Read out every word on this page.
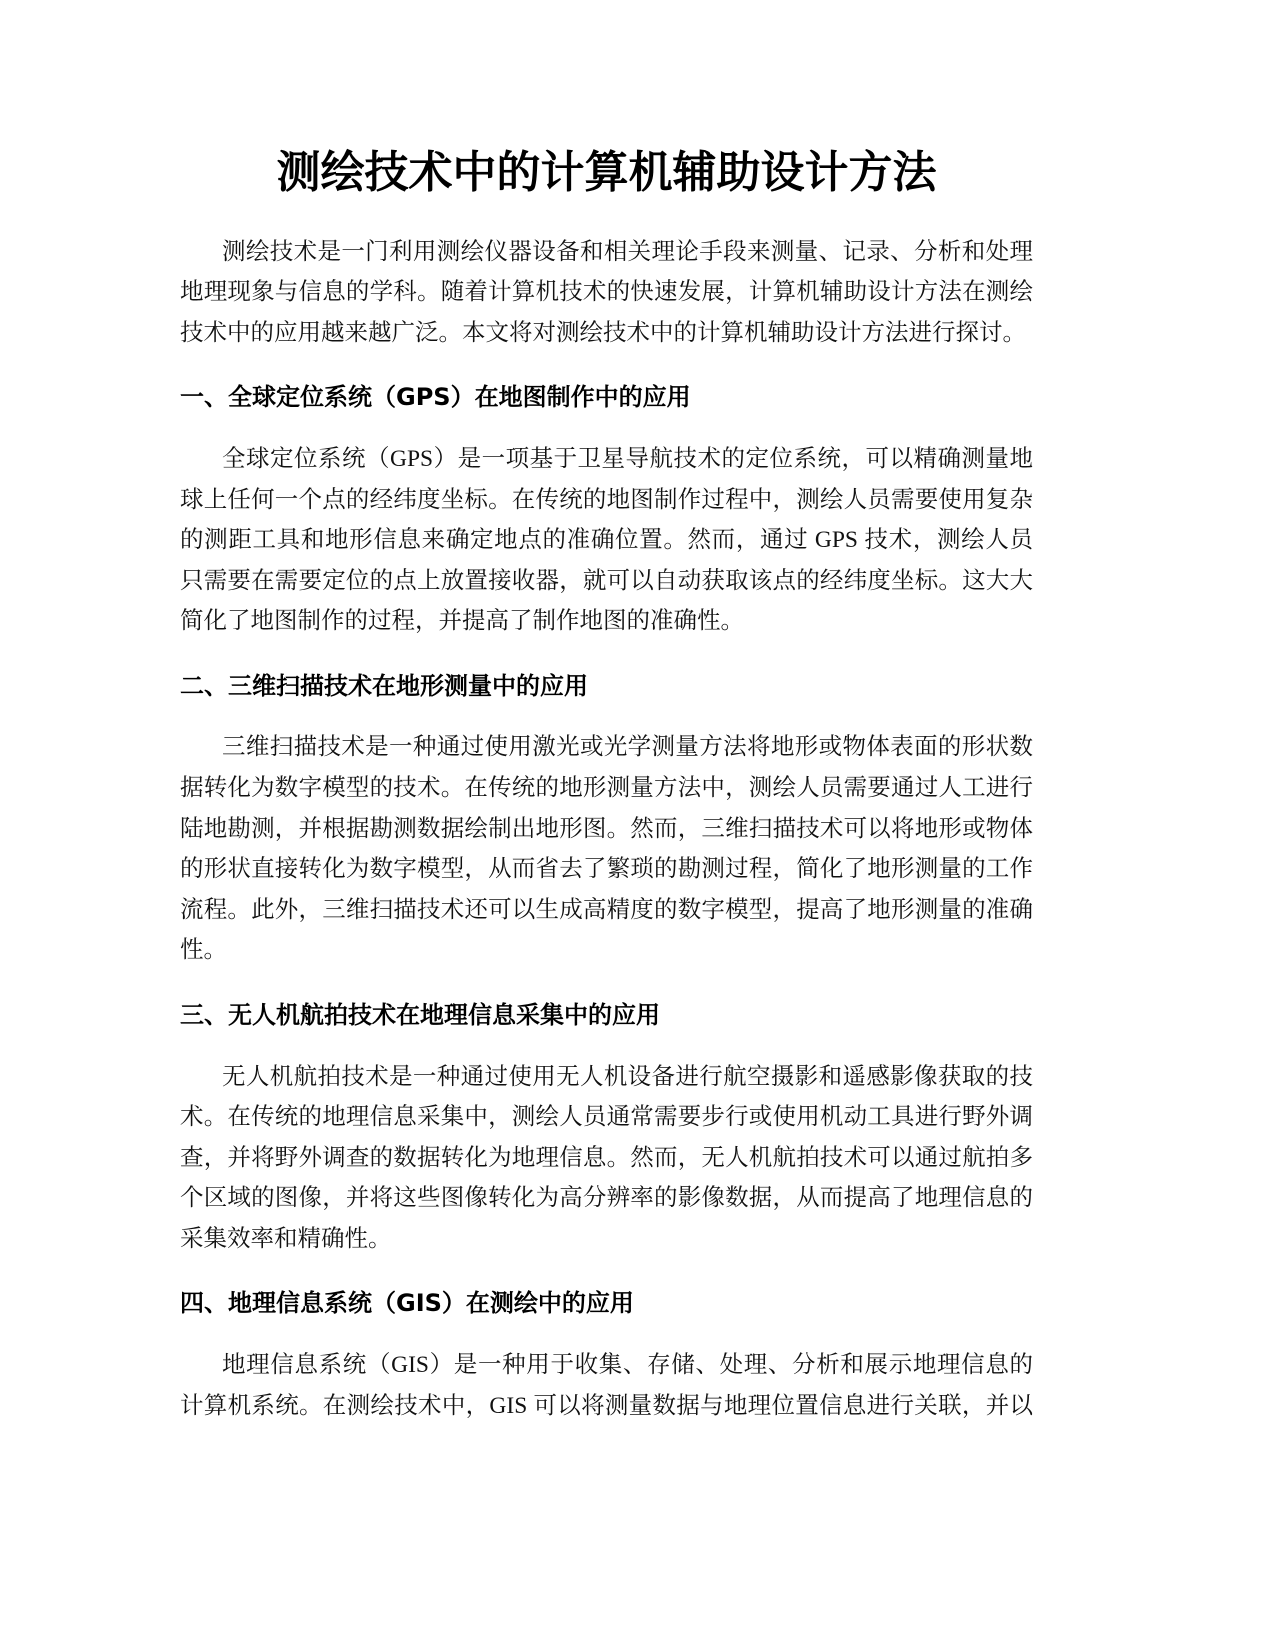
测绘技术中的计算机辅助设计方法
测绘技术是一门利用测绘仪器设备和相关理论手段来测量、记录、分析和处理
地理现象与信息的学科。随着计算机技术的快速发展，计算机辅助设计方法在测绘
技术中的应用越来越广泛。本文将对测绘技术中的计算机辅助设计方法进行探讨。
一、全球定位系统（GPS）在地图制作中的应用
全球定位系统（GPS）是一项基于卫星导航技术的定位系统，可以精确测量地
球上任何一个点的经纬度坐标。在传统的地图制作过程中，测绘人员需要使用复杂
的测距工具和地形信息来确定地点的准确位置。然而，通过 GPS 技术，测绘人员
只需要在需要定位的点上放置接收器，就可以自动获取该点的经纬度坐标。这大大
简化了地图制作的过程，并提高了制作地图的准确性。
二、三维扫描技术在地形测量中的应用
三维扫描技术是一种通过使用激光或光学测量方法将地形或物体表面的形状数
据转化为数字模型的技术。在传统的地形测量方法中，测绘人员需要通过人工进行
陆地勘测，并根据勘测数据绘制出地形图。然而，三维扫描技术可以将地形或物体
的形状直接转化为数字模型，从而省去了繁琐的勘测过程，简化了地形测量的工作
流程。此外，三维扫描技术还可以生成高精度的数字模型，提高了地形测量的准确
性。
三、无人机航拍技术在地理信息采集中的应用
无人机航拍技术是一种通过使用无人机设备进行航空摄影和遥感影像获取的技
术。在传统的地理信息采集中，测绘人员通常需要步行或使用机动工具进行野外调
查，并将野外调查的数据转化为地理信息。然而，无人机航拍技术可以通过航拍多
个区域的图像，并将这些图像转化为高分辨率的影像数据，从而提高了地理信息的
采集效率和精确性。
四、地理信息系统（GIS）在测绘中的应用
地理信息系统（GIS）是一种用于收集、存储、处理、分析和展示地理信息的
计算机系统。在测绘技术中，GIS 可以将测量数据与地理位置信息进行关联，并以
